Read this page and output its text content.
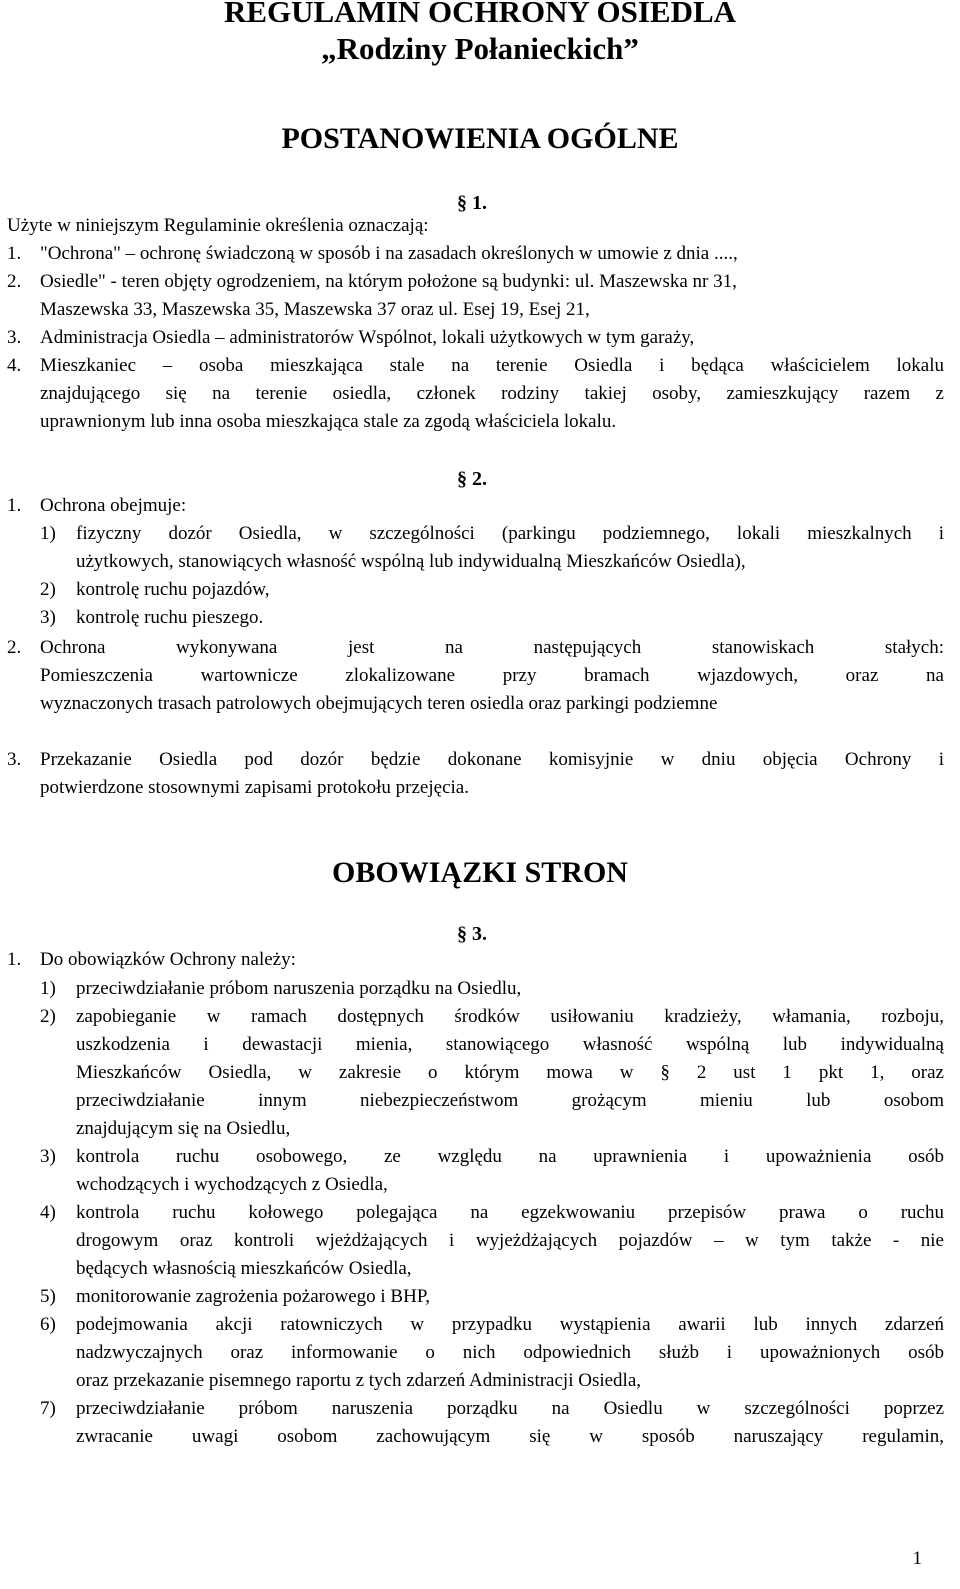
REGULAMIN OCHRONY OSIEDLA
„Rodziny Połanieckich”
POSTANOWIENIA OGÓLNE

§ 1.

Użyte w niniejszym Regulaminie określenia oznaczają:

1. "Ochrona" – ochronę świadczoną w sposób i na zasadach określonych w umowie z dnia ....,
2. Osiedle" - teren objęty ogrodzeniem, na którym położone są budynki: ul. Maszewska nr 31,

Maszewska 33, Maszewska 35, Maszewska 37 oraz ul. Esej 19, Esej 21,

3. Administracja Osiedla – administratorów Wspólnot, lokali użytkowych w tym garaży,
4. Mieszkaniec – osoba mieszkająca stale na terenie Osiedla i będąca właścicielem lokalu
znajdującego się na terenie osiedla, członek rodziny takiej osoby, zamieszkujący razem z

uprawnionym lub inna osoba mieszkająca stale za zgodą właściciela lokalu.

§ 2.

1. Ochrona obejmuje:
1)	fizyczny dozór Osiedla, w szczególności (parkingu podziemnego, lokali mieszkalnych i

użytkowych, stanowiących własność wspólną lub indywidualną Mieszkańców Osiedla),

2)	kontrolę ruchu pojazdów,
3)	kontrolę ruchu pieszego.
2. Ochrona wykonywana jest na następujących stanowiskach stałych:
Pomieszczenia wartownicze zlokalizowane przy bramach wjazdowych, oraz na

wyznaczonych trasach patrolowych obejmujących teren osiedla oraz parkingi podziemne

3. Przekazanie Osiedla pod dozór będzie dokonane komisyjnie w dniu objęcia Ochrony i

potwierdzone stosownymi zapisami protokołu przejęcia.

OBOWIĄZKI STRON

§ 3.

1. Do obowiązków Ochrony należy:
1)	przeciwdziałanie próbom naruszenia porządku na Osiedlu,
2)	zapobieganie w ramach dostępnych środków usiłowaniu kradzieży, włamania, rozboju,
uszkodzenia i dewastacji mienia, stanowiącego własność wspólną lub indywidualną
Mieszkańców Osiedla, w zakresie o którym mowa w § 2 ust 1 pkt 1, oraz
przeciwdziałanie innym niebezpieczeństwom grożącym mieniu lub osobom

znajdującym się na Osiedlu,

3)	kontrola ruchu osobowego, ze względu na uprawnienia i upoważnienia osób

wchodzących i wychodzących z Osiedla,

4)	kontrola ruchu kołowego polegająca na egzekwowaniu przepisów prawa o ruchu
drogowym oraz kontroli wjeżdżających i wyjeżdżających pojazdów – w tym także - nie

będących własnością mieszkańców Osiedla,

5)	monitorowanie zagrożenia pożarowego i BHP,
6)	podejmowania akcji ratowniczych w przypadku wystąpienia awarii lub innych zdarzeń
nadzwyczajnych oraz informowanie o nich odpowiednich służb i upoważnionych osób

oraz przekazanie pisemnego raportu z tych zdarzeń Administracji Osiedla,

7)	przeciwdziałanie próbom naruszenia porządku na Osiedlu w szczególności poprzez
zwracanie uwagi osobom zachowującym się w sposób naruszający regulamin,
1
